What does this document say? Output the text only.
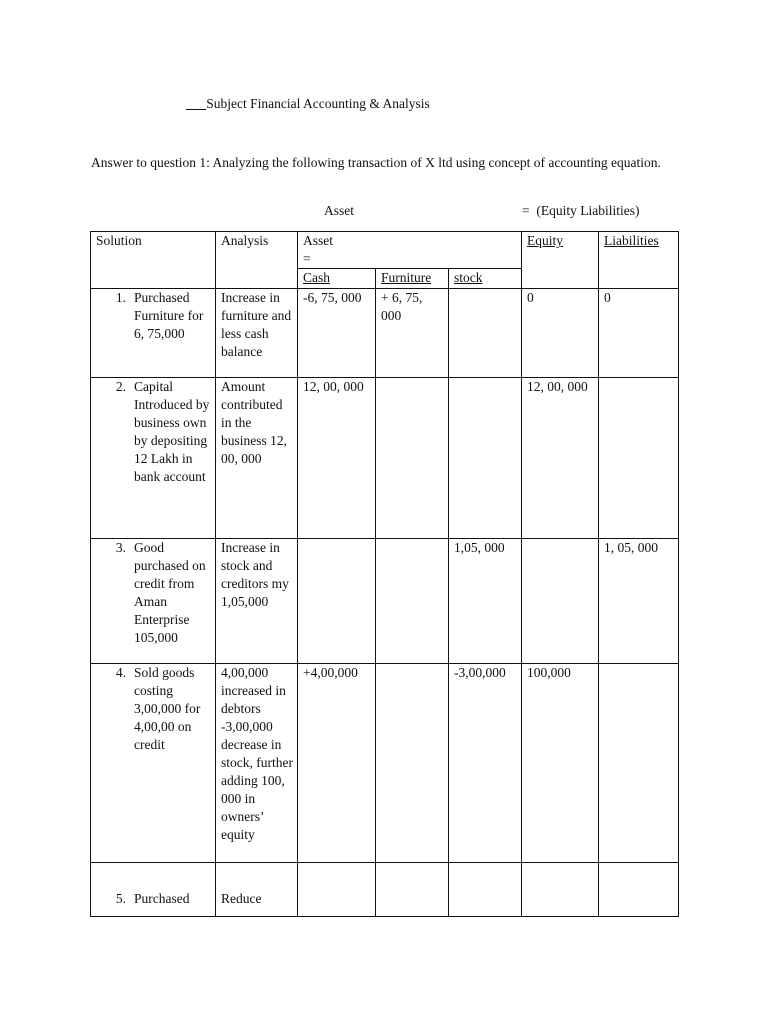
Subject Financial Accounting & Analysis
Answer to question 1: Analyzing the following transaction of X ltd using concept of accounting equation.
Asset	=  (Equity Liabilities)
Solution	Analysis	Asset
=			Equity	Liabilities
		Cash	Furniture	stock		

1. Purchased Furniture for 6, 75,000	Increase in furniture and less cash balance	-6, 75, 000	+ 6, 75, 000		0	0

2. Capital Introduced by business own by depositing 12 Lakh in bank account	Amount contributed in the business 12, 00, 000	12, 00, 000			12, 00, 000	

3. Good purchased on credit from Aman Enterprise 105,000	Increase in stock and creditors my 1,05,000			1,05, 000		1, 05, 000

4. Sold goods costing 3,00,000 for 4,00,00 on credit	4,00,000 increased in debtors -3,00,000 decrease in stock, further adding 100, 000 in owners’ equity	+4,00,000		-3,00,000	100,000	

5. Purchased	Reduce					
